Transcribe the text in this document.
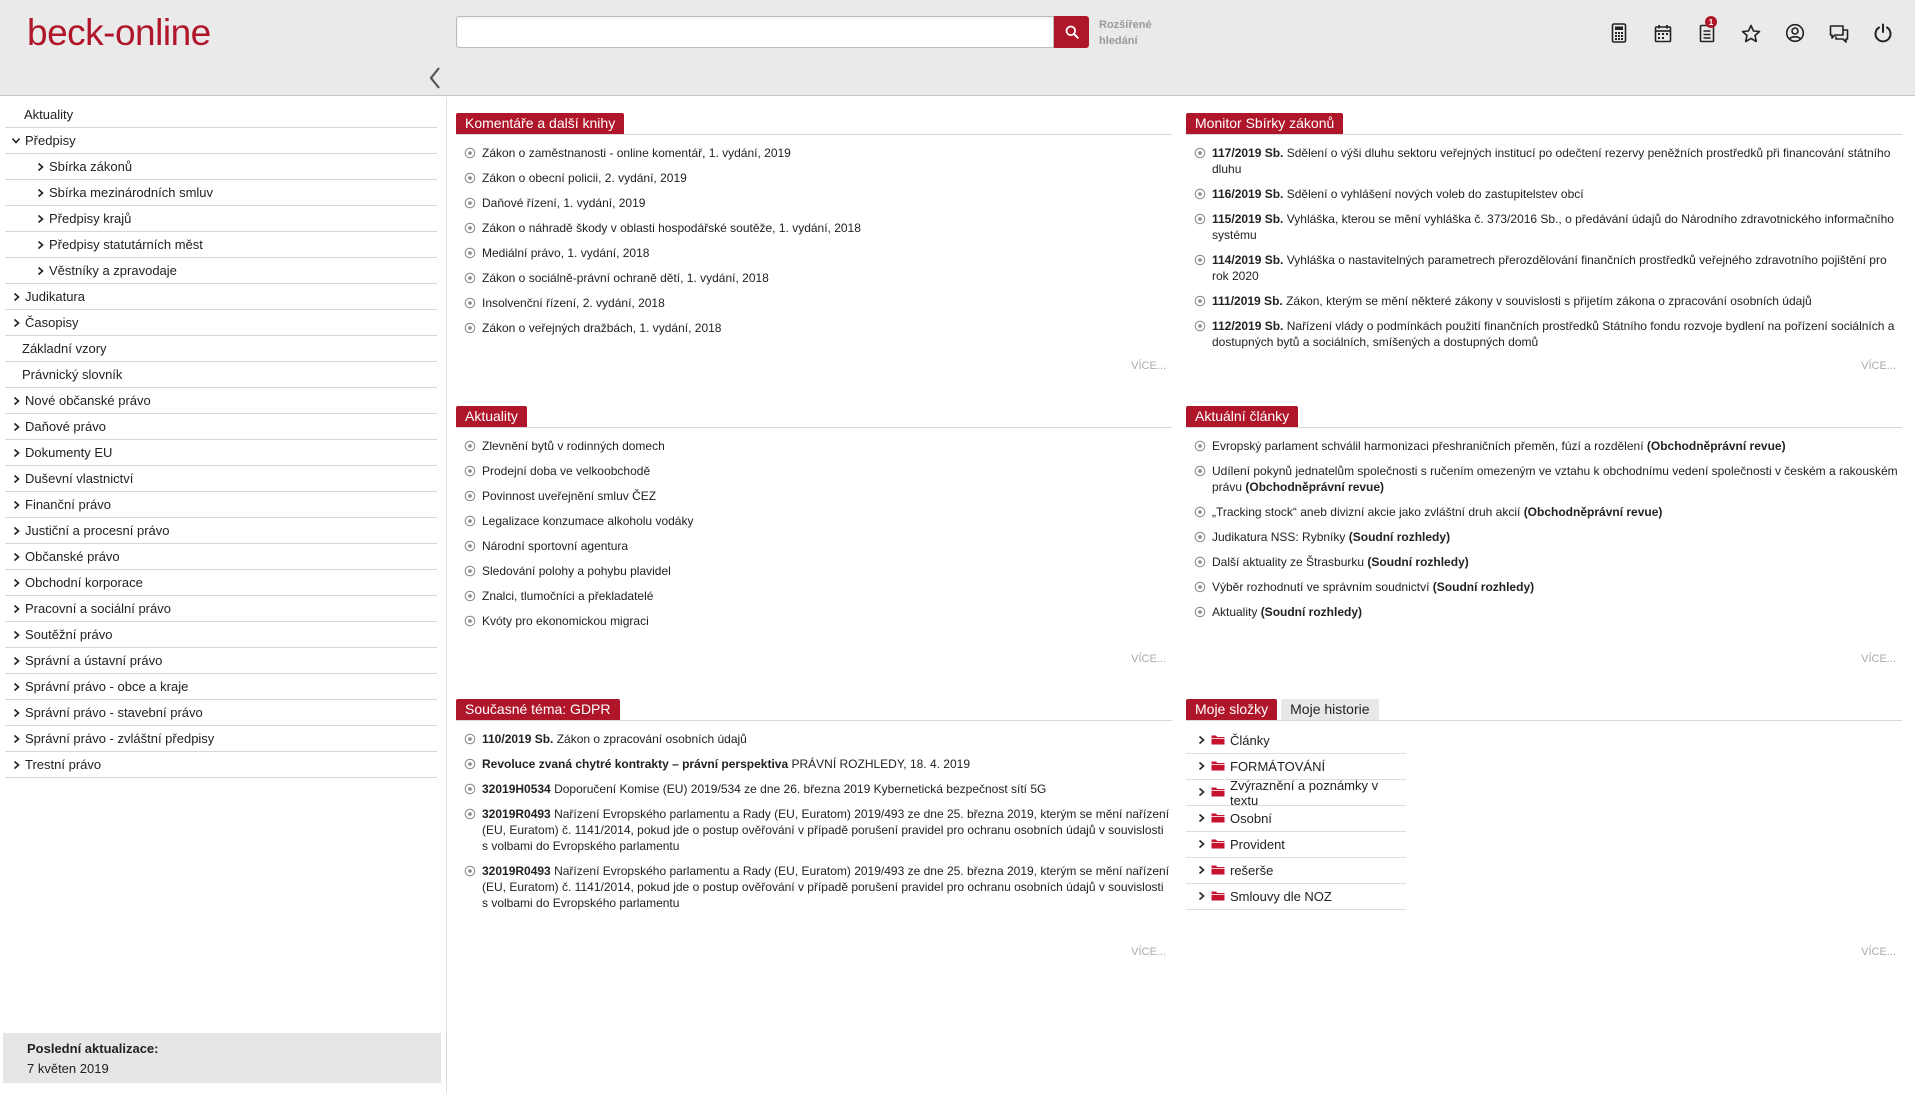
beck-online	Rozšířené hledání
1
Aktuality
Předpisy
Sbírka zákonů
Sbírka mezinárodních smluv
Předpisy krajů
Předpisy statutárních měst
Věstníky a zpravodaje
Judikatura
Časopisy
Základní vzory
Právnický slovník
Nové občanské právo
Daňové právo
Dokumenty EU
Duševní vlastnictví
Finanční právo
Justiční a procesní právo
Občanské právo
Obchodní korporace
Pracovní a sociální právo
Soutěžní právo
Správní a ústavní právo
Správní právo - obce a kraje
Správní právo - stavební právo
Správní právo - zvláštní předpisy
Trestní právo
Poslední aktualizace:
7 květen 2019
Komentáře a další knihy
Zákon o zaměstnanosti - online komentář, 1. vydání, 2019
Zákon o obecní policii, 2. vydání, 2019
Daňové řízení, 1. vydání, 2019
Zákon o náhradě škody v oblasti hospodářské soutěže, 1. vydání, 2018
Mediální právo, 1. vydání, 2018
Zákon o sociálně-právní ochraně dětí, 1. vydání, 2018
Insolvenční řízení, 2. vydání, 2018
Zákon o veřejných dražbách, 1. vydání, 2018
VÍCE...
Monitor Sbírky zákonů
117/2019 Sb. Sdělení o výši dluhu sektoru veřejných institucí po odečtení rezervy peněžních prostředků při financování státního dluhu
116/2019 Sb. Sdělení o vyhlášení nových voleb do zastupitelstev obcí
115/2019 Sb. Vyhláška, kterou se mění vyhláška č. 373/2016 Sb., o předávání údajů do Národního zdravotnického informačního systému
114/2019 Sb. Vyhláška o nastavitelných parametrech přerozdělování finančních prostředků veřejného zdravotního pojištění pro rok 2020
111/2019 Sb. Zákon, kterým se mění některé zákony v souvislosti s přijetím zákona o zpracování osobních údajů
112/2019 Sb. Nařízení vlády o podmínkách použití finančních prostředků Státního fondu rozvoje bydlení na pořízení sociálních a dostupných bytů a sociálních, smíšených a dostupných domů
VÍCE...
Aktuality
Zlevnění bytů v rodinných domech
Prodejní doba ve velkoobchodě
Povinnost uveřejnění smluv ČEZ
Legalizace konzumace alkoholu vodáky
Národní sportovní agentura
Sledování polohy a pohybu plavidel
Znalci, tlumočníci a překladatelé
Kvóty pro ekonomickou migraci
VÍCE...
Aktuální články
Evropský parlament schválil harmonizaci přeshraničních přeměn, fúzí a rozdělení (Obchodněprávní revue)
Udílení pokynů jednatelům společnosti s ručením omezeným ve vztahu k obchodnímu vedení společnosti v českém a rakouském právu (Obchodněprávní revue)
„Tracking stock“ aneb divizní akcie jako zvláštní druh akcií (Obchodněprávní revue)
Judikatura NSS: Rybníky (Soudní rozhledy)
Další aktuality ze Štrasburku (Soudní rozhledy)
Výběr rozhodnutí ve správním soudnictví (Soudní rozhledy)
Aktuality (Soudní rozhledy)
VÍCE...
Současné téma: GDPR
110/2019 Sb. Zákon o zpracování osobních údajů
Revoluce zvaná chytré kontrakty – právní perspektiva PRÁVNÍ ROZHLEDY, 18. 4. 2019
32019H0534 Doporučení Komise (EU) 2019/534 ze dne 26. března 2019 Kybernetická bezpečnost sítí 5G
32019R0493 Nařízení Evropského parlamentu a Rady (EU, Euratom) 2019/493 ze dne 25. března 2019, kterým se mění nařízení (EU, Euratom) č. 1141/2014, pokud jde o postup ověřování v případě porušení pravidel pro ochranu osobních údajů v souvislosti s volbami do Evropského parlamentu
32019R0493 Nařízení Evropského parlamentu a Rady (EU, Euratom) 2019/493 ze dne 25. března 2019, kterým se mění nařízení (EU, Euratom) č. 1141/2014, pokud jde o postup ověřování v případě porušení pravidel pro ochranu osobních údajů v souvislosti s volbami do Evropského parlamentu
VÍCE...
Moje složky	Moje historie
Články
FORMÁTOVÁNÍ
Zvýraznění a poznámky v textu
Osobní
Provident
rešerše
Smlouvy dle NOZ
VÍCE...
